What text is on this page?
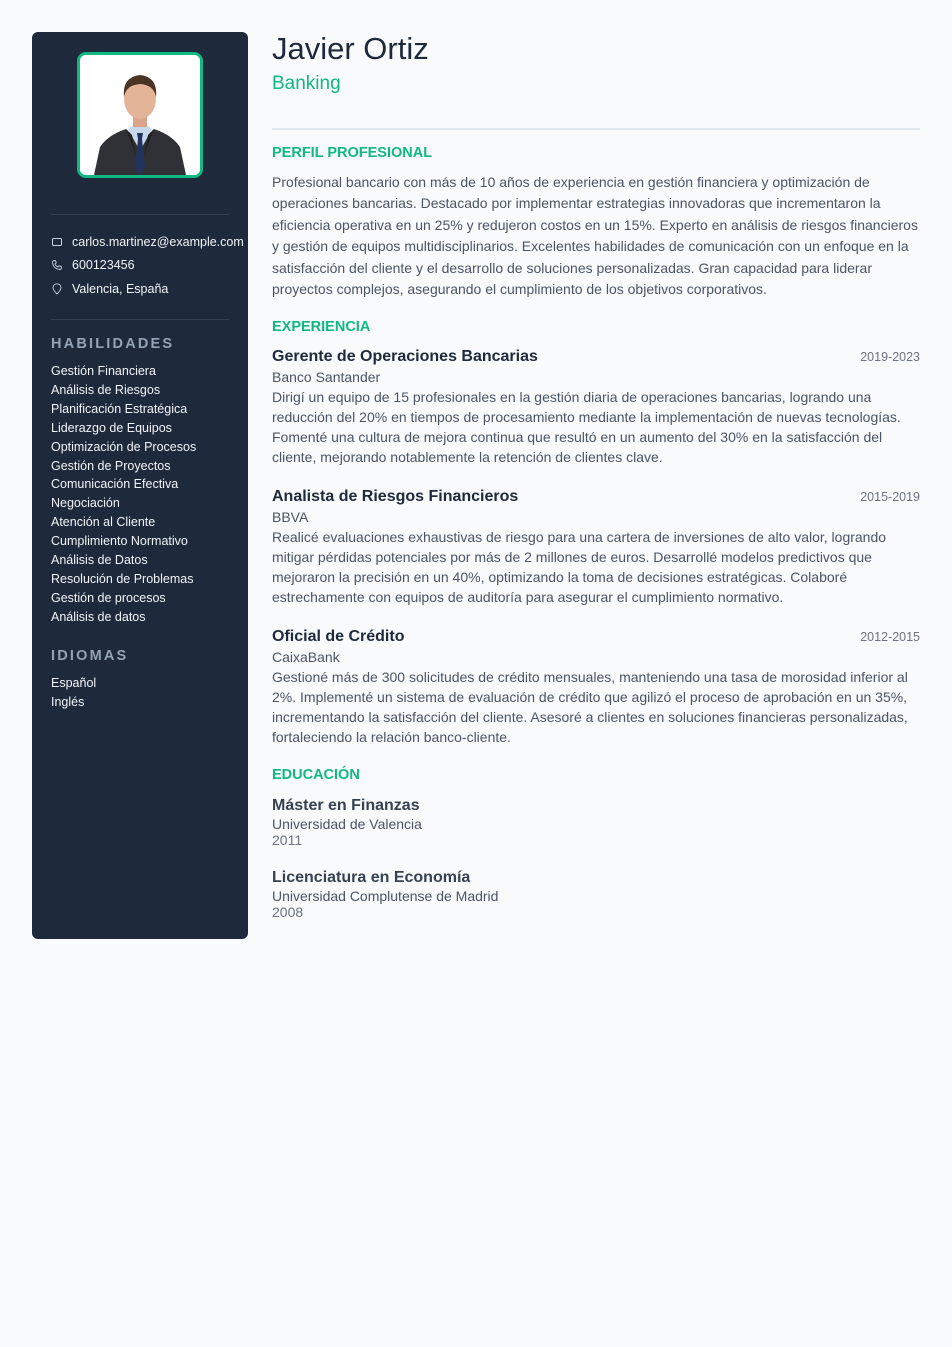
carlos.martinez@example.com
600123456
Valencia, España
HABILIDADES
Gestión Financiera
Análisis de Riesgos
Planificación Estratégica
Liderazgo de Equipos
Optimización de Procesos
Gestión de Proyectos
Comunicación Efectiva
Negociación
Atención al Cliente
Cumplimiento Normativo
Análisis de Datos
Resolución de Problemas
Gestión de procesos
Análisis de datos
IDIOMAS
Español
Inglés
Javier Ortiz
Banking
PERFIL PROFESIONAL

Profesional bancario con más de 10 años de experiencia en gestión financiera y optimización de operaciones bancarias. Destacado por implementar estrategias innovadoras que incrementaron la eficiencia operativa en un 25% y redujeron costos en un 15%. Experto en análisis de riesgos financieros y gestión de equipos multidisciplinarios. Excelentes habilidades de comunicación con un enfoque en la satisfacción del cliente y el desarrollo de soluciones personalizadas. Gran capacidad para liderar proyectos complejos, asegurando el cumplimiento de los objetivos corporativos.

EXPERIENCIA
Gerente de Operaciones Bancarias	2019-2023
Banco Santander

Dirigí un equipo de 15 profesionales en la gestión diaria de operaciones bancarias, logrando una reducción del 20% en tiempos de procesamiento mediante la implementación de nuevas tecnologías. Fomenté una cultura de mejora continua que resultó en un aumento del 30% en la satisfacción del cliente, mejorando notablemente la retención de clientes clave.

Analista de Riesgos Financieros	2015-2019
BBVA

Realicé evaluaciones exhaustivas de riesgo para una cartera de inversiones de alto valor, logrando mitigar pérdidas potenciales por más de 2 millones de euros. Desarrollé modelos predictivos que mejoraron la precisión en un 40%, optimizando la toma de decisiones estratégicas. Colaboré estrechamente con equipos de auditoría para asegurar el cumplimiento normativo.

Oficial de Crédito	2012-2015
CaixaBank

Gestioné más de 300 solicitudes de crédito mensuales, manteniendo una tasa de morosidad inferior al 2%. Implementé un sistema de evaluación de crédito que agilizó el proceso de aprobación en un 35%, incrementando la satisfacción del cliente. Asesoré a clientes en soluciones financieras personalizadas, fortaleciendo la relación banco-cliente.

EDUCACIÓN
Máster en Finanzas
Universidad de Valencia
2011
Licenciatura en Economía
Universidad Complutense de Madrid
2008
